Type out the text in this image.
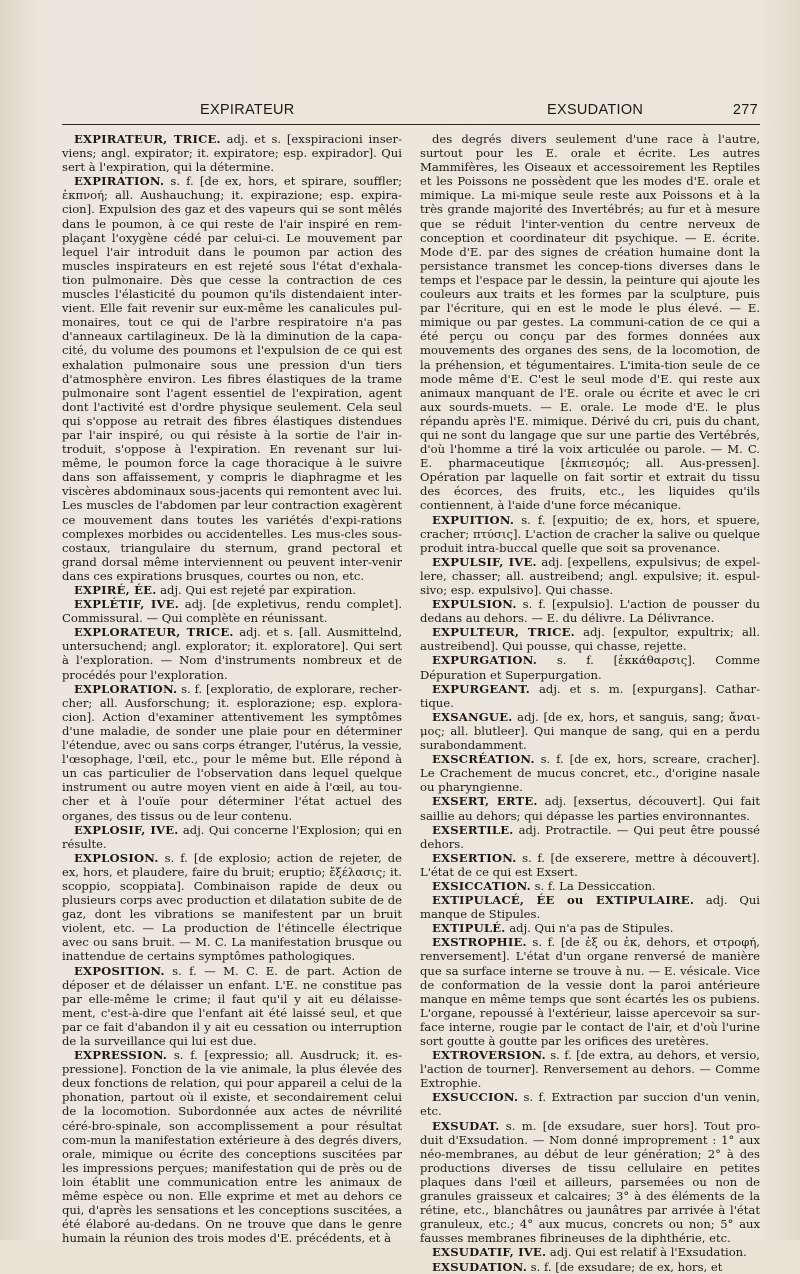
EXPIRATEUR	EXSUDATION	277

EXPIRATEUR, TRICE. adj. et s. [exspiracioni inser-viens; angl. expirator; it. expiratore; esp. expirador]. Qui sert à l'expiration, qui la détermine.

EXPIRATION. s. f. [de ex, hors, et spirare, souffler; ἐκπνοή; all. Aushauchung; it. expirazione; esp. expira-cion]. Expulsion des gaz et des vapeurs qui se sont mêlés dans le poumon, à ce qui reste de l'air inspiré en rem-plaçant l'oxygène cédé par celui-ci. Le mouvement par lequel l'air introduit dans le poumon par action des muscles inspirateurs en est rejeté sous l'état d'exhala-tion pulmonaire. Dès que cesse la contraction de ces muscles l'élasticité du poumon qu'ils distendaient inter-vient. Elle fait revenir sur eux-même les canalicules pul-monaires, tout ce qui de l'arbre respiratoire n'a pas d'anneaux cartilagineux. De là la diminution de la capa-cité, du volume des poumons et l'expulsion de ce qui est exhalation pulmonaire sous une pression d'un tiers d'atmosphère environ. Les fibres élastiques de la trame pulmonaire sont l'agent essentiel de l'expiration, agent dont l'activité est d'ordre physique seulement. Cela seul qui s'oppose au retrait des fibres élastiques distendues par l'air inspiré, ou qui résiste à la sortie de l'air in-troduit, s'oppose à l'expiration. En revenant sur lui-même, le poumon force la cage thoracique à le suivre dans son affaissement, y compris le diaphragme et les viscères abdominaux sous-jacents qui remontent avec lui. Les muscles de l'abdomen par leur contraction exagèrent ce mouvement dans toutes les variétés d'expi-rations complexes morbides ou accidentelles. Les mus-cles sous-costaux, triangulaire du sternum, grand pectoral et grand dorsal même interviennent ou peuvent inter-venir dans ces expirations brusques, courtes ou non, etc.

EXPIRÉ, ÉE. adj. Qui est rejeté par expiration.

EXPLÉTIF, IVE. adj. [de expletivus, rendu complet]. Commissural. — Qui complète en réunissant.

EXPLORATEUR, TRICE. adj. et s. [all. Ausmittelnd, untersuchend; angl. explorator; it. exploratore]. Qui sert à l'exploration. — Nom d'instruments nombreux et de procédés pour l'exploration.

EXPLORATION. s. f. [exploratio, de explorare, recher-cher; all. Ausforschung; it. esplorazione; esp. explora-cion]. Action d'examiner attentivement les symptômes d'une maladie, de sonder une plaie pour en déterminer l'étendue, avec ou sans corps étranger, l'utérus, la vessie, l'œsophage, l'œil, etc., pour le même but. Elle répond à un cas particulier de l'observation dans lequel quelque instrument ou autre moyen vient en aide à l'œil, au tou-cher et à l'ouïe pour déterminer l'état actuel des organes, des tissus ou de leur contenu.

EXPLOSIF, IVE. adj. Qui concerne l'Explosion; qui en résulte.

EXPLOSION. s. f. [de explosio; action de rejeter, de ex, hors, et plaudere, faire du bruit; eruptio; ἔξέλασις; it. scoppio, scoppiata]. Combinaison rapide de deux ou plusieurs corps avec production et dilatation subite de de gaz, dont les vibrations se manifestent par un bruit violent, etc. — La production de l'étincelle électrique avec ou sans bruit. — M. C. La manifestation brusque ou inattendue de certains symptômes pathologiques.

EXPOSITION. s. f. — M. C. E. de part. Action de déposer et de délaisser un enfant. L'E. ne constitue pas par elle-même le crime; il faut qu'il y ait eu délaisse-ment, c'est-à-dire que l'enfant ait été laissé seul, et que par ce fait d'abandon il y ait eu cessation ou interruption de la surveillance qui lui est due.

EXPRESSION. s. f. [expressio; all. Ausdruck; it. es-pressione]. Fonction de la vie animale, la plus élevée des deux fonctions de relation, qui pour appareil a celui de la phonation, partout où il existe, et secondairement celui de la locomotion. Subordonnée aux actes de névrilité céré-bro-spinale, son accomplissement a pour résultat com-mun la manifestation extérieure à des degrés divers, orale, mimique ou écrite des conceptions suscitées par les impressions perçues; manifestation qui de près ou de loin établit une communication entre les animaux de même espèce ou non. Elle exprime et met au dehors ce qui, d'après les sensations et les conceptions suscitées, a été élaboré au-dedans. On ne trouve que dans le genre humain la réunion des trois modes d'E. précédents, et à

des degrés divers seulement d'une race à l'autre, surtout pour les E. orale et écrite. Les autres Mammifères, les Oiseaux et accessoirement les Reptiles et les Poissons ne possèdent que les modes d'E. orale et mimique. La mi-mique seule reste aux Poissons et à la très grande majorité des Invertébrés; au fur et à mesure que se réduit l'inter-vention du centre nerveux de conception et coordinateur dit psychique. — E. écrite. Mode d'E. par des signes de création humaine dont la persistance transmet les concep-tions diverses dans le temps et l'espace par le dessin, la peinture qui ajoute les couleurs aux traits et les formes par la sculpture, puis par l'écriture, qui en est le mode le plus élevé. — E. mimique ou par gestes. La communi-cation de ce qui a été perçu ou conçu par des formes données aux mouvements des organes des sens, de la locomotion, de la préhension, et tégumentaires. L'imita-tion seule de ce mode même d'E. C'est le seul mode d'E. qui reste aux animaux manquant de l'E. orale ou écrite et avec le cri aux sourds-muets. — E. orale. Le mode d'E. le plus répandu après l'E. mimique. Dérivé du cri, puis du chant, qui ne sont du langage que sur une partie des Vertébrés, d'où l'homme a tiré la voix articulée ou parole. — M. C. E. pharmaceutique [ἐκπιεσμός; all. Aus-pressen]. Opération par laquelle on fait sortir et extrait du tissu des écorces, des fruits, etc., les liquides qu'ils contiennent, à l'aide d'une force mécanique.

EXPUITION. s. f. [expuitio; de ex, hors, et spuere, cracher; πτύσις]. L'action de cracher la salive ou quelque produit intra-buccal quelle que soit sa provenance.

EXPULSIF, IVE. adj. [expellens, expulsivus; de expel-lere, chasser; all. austreibend; angl. expulsive; it. espul-sivo; esp. expulsivo]. Qui chasse.

EXPULSION. s. f. [expulsio]. L'action de pousser du dedans au dehors. — E. du délivre. La Délivrance.

EXPULTEUR, TRICE. adj. [expultor, expultrix; all. austreibend]. Qui pousse, qui chasse, rejette.

EXPURGATION. s. f. [ἐκκάθαρσις]. Comme Dépuration et Superpurgation.

EXPURGEANT. adj. et s. m. [expurgans]. Cathar-tique.

EXSANGUE. adj. [de ex, hors, et sanguis, sang; ἄναι-μος; all. blutleer]. Qui manque de sang, qui en a perdu surabondamment.

EXSCRÉATION. s. f. [de ex, hors, screare, cracher]. Le Crachement de mucus concret, etc., d'origine nasale ou pharyngienne.

EXSERT, ERTE. adj. [exsertus, découvert]. Qui fait saillie au dehors; qui dépasse les parties environnantes.

EXSERTILE. adj. Protractile. — Qui peut être poussé dehors.

EXSERTION. s. f. [de exserere, mettre à découvert]. L'état de ce qui est Exsert.

EXSICCATION. s. f. La Dessiccation.

EXTIPULACÉ, ÉE ou EXTIPULAIRE. adj. Qui manque de Stipules.

EXTIPULÉ. adj. Qui n'a pas de Stipules.

EXSTROPHIE. s. f. [de ἐξ ou ἐκ, dehors, et στροφή, renversement]. L'état d'un organe renversé de manière que sa surface interne se trouve à nu. — E. vésicale. Vice de conformation de la vessie dont la paroi antérieure manque en même temps que sont écartés les os pubiens. L'organe, repoussé à l'extérieur, laisse apercevoir sa sur-face interne, rougie par le contact de l'air, et d'où l'urine sort goutte à goutte par les orifices des uretères.

EXTROVERSION. s. f. [de extra, au dehors, et versio, l'action de tourner]. Renversement au dehors. — Comme Extrophie.

EXSUCCION. s. f. Extraction par succion d'un venin, etc.

EXSUDAT. s. m. [de exsudare, suer hors]. Tout pro-duit d'Exsudation. — Nom donné improprement : 1° aux néo-membranes, au début de leur génération; 2° à des productions diverses de tissu cellulaire en petites plaques dans l'œil et ailleurs, parsemées ou non de granules graisseux et calcaires; 3° à des éléments de la rétine, etc., blanchâtres ou jaunâtres par arrivée à l'état granuleux, etc.; 4° aux mucus, concrets ou non; 5° aux fausses membranes fibrineuses de la diphthérie, etc.

EXSUDATIF, IVE. adj. Qui est relatif à l'Exsudation.

EXSUDATION. s. f. [de exsudare; de ex, hors, et
